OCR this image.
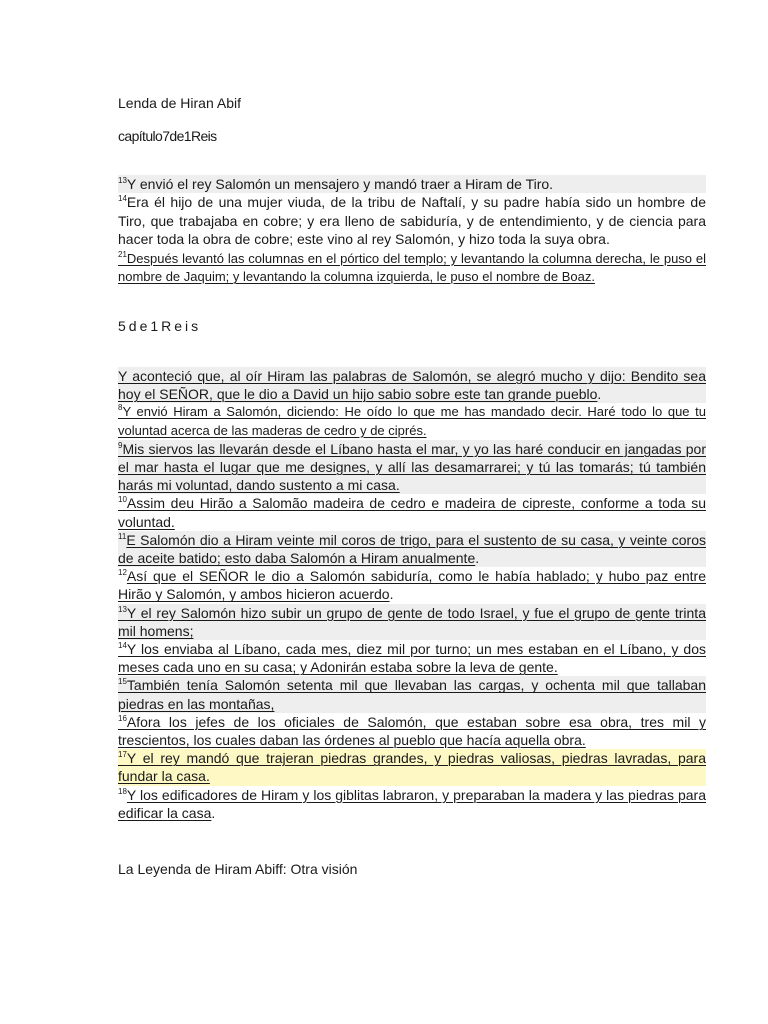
Lenda de Hiran Abif
capítulo7de1Reis

$^{13}$Y envió el rey Salomón un mensajero y mandó traer a Hiram de Tiro.

$^{14}$Era él hijo de una mujer viuda, de la tribu de Naftalí, y su padre había sido un hombre de Tiro, que trabajaba en cobre; y era lleno de sabiduría, y de entendimiento, y de ciencia para hacer toda la obra de cobre; este vino al rey Salomón, y hizo toda la suya obra.

$^{21}$Después levantó las columnas en el pórtico del templo; y levantando la columna derecha, le puso el nombre de Jaquim; y levantando la columna izquierda, le puso el nombre de Boaz.

5de1Reis

Y aconteció que, al oír Hiram las palabras de Salomón, se alegró mucho y dijo: Bendito sea hoy el SEÑOR, que le dio a David un hijo sabio sobre este tan grande pueblo.

$^8$Y envió Hiram a Salomón, diciendo: He oído lo que me has mandado decir. Haré todo lo que tu voluntad acerca de las maderas de cedro y de ciprés.

$^9$Mis siervos las llevarán desde el Líbano hasta el mar, y yo las haré conducir en jangadas por el mar hasta el lugar que me designes, y allí las desamarrarei; y tú las tomarás; tú también harás mi voluntad, dando sustento a mi casa.

$^{10}$Assim deu Hirão a Salomão madeira de cedro e madeira de cipreste, conforme a toda su voluntad.

$^{11}$E Salomón dio a Hiram veinte mil coros de trigo, para el sustento de su casa, y veinte coros de aceite batido; esto daba Salomón a Hiram anualmente.

$^{12}$Así que el SEÑOR le dio a Salomón sabiduría, como le había hablado; y hubo paz entre Hirão y Salomón, y ambos hicieron acuerdo.

$^{13}$Y el rey Salomón hizo subir un grupo de gente de todo Israel, y fue el grupo de gente trinta mil homens;

$^{14}$Y los enviaba al Líbano, cada mes, diez mil por turno; un mes estaban en el Líbano, y dos meses cada uno en su casa; y Adonirán estaba sobre la leva de gente.

$^{15}$También tenía Salomón setenta mil que llevaban las cargas, y ochenta mil que tallaban piedras en las montañas,

$^{16}$Afora los jefes de los oficiales de Salomón, que estaban sobre esa obra, tres mil y trescientos, los cuales daban las órdenes al pueblo que hacía aquella obra.

$^{17}$Y el rey mandó que trajeran piedras grandes, y piedras valiosas, piedras lavradas, para fundar la casa.

$^{18}$Y los edificadores de Hiram y los giblitas labraron, y preparaban la madera y las piedras para edificar la casa.

La Leyenda de Hiram Abiff: Otra visión
